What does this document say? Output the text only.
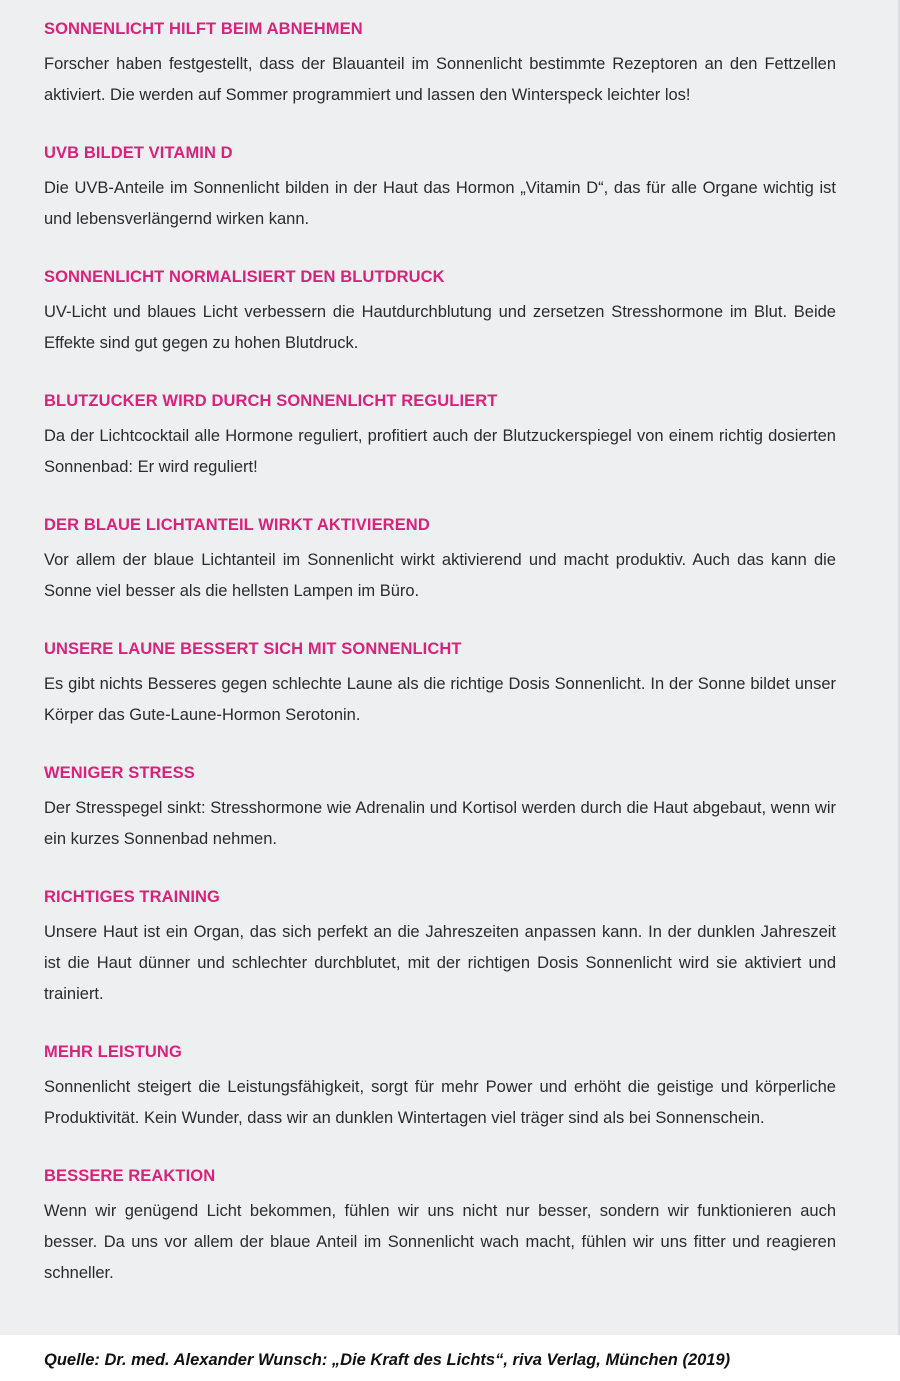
SONNENLICHT HILFT BEIM ABNEHMEN

Forscher haben festgestellt, dass der Blauanteil im Sonnenlicht bestimmte Rezeptoren an den Fettzellen aktiviert. Die werden auf Sommer programmiert und lassen den Winterspeck leichter los!

UVB BILDET VITAMIN D

Die UVB-Anteile im Sonnenlicht bilden in der Haut das Hormon „Vitamin D“, das für alle Organe wichtig ist und lebensverlängernd wirken kann.

SONNENLICHT NORMALISIERT DEN BLUTDRUCK

UV-Licht und blaues Licht verbessern die Hautdurchblutung und zersetzen Stresshormone im Blut. Beide Effekte sind gut gegen zu hohen Blutdruck.

BLUTZUCKER WIRD DURCH SONNENLICHT REGULIERT

Da der Lichtcocktail alle Hormone reguliert, profitiert auch der Blutzuckerspiegel von einem richtig dosierten Sonnenbad: Er wird reguliert!

DER BLAUE LICHTANTEIL WIRKT AKTIVIEREND

Vor allem der blaue Lichtanteil im Sonnenlicht wirkt aktivierend und macht produktiv. Auch das kann die Sonne viel besser als die hellsten Lampen im Büro.

UNSERE LAUNE BESSERT SICH MIT SONNENLICHT

Es gibt nichts Besseres gegen schlechte Laune als die richtige Dosis Sonnenlicht. In der Sonne bildet unser Körper das Gute-Laune-Hormon Serotonin.

WENIGER STRESS

Der Stresspegel sinkt: Stresshormone wie Adrenalin und Kortisol werden durch die Haut abgebaut, wenn wir ein kurzes Sonnenbad nehmen.

RICHTIGES TRAINING

Unsere Haut ist ein Organ, das sich perfekt an die Jahreszeiten anpassen kann. In der dunklen Jahreszeit ist die Haut dünner und schlechter durchblutet, mit der richtigen Dosis Sonnenlicht wird sie aktiviert und trainiert.

MEHR LEISTUNG

Sonnenlicht steigert die Leistungsfähigkeit, sorgt für mehr Power und erhöht die geistige und körperliche Produktivität. Kein Wunder, dass wir an dunklen Wintertagen viel träger sind als bei Sonnenschein.

BESSERE REAKTION

Wenn wir genügend Licht bekommen, fühlen wir uns nicht nur besser, sondern wir funktionieren auch besser. Da uns vor allem der blaue Anteil im Sonnenlicht wach macht, fühlen wir uns fitter und reagieren schneller.

Quelle: Dr. med. Alexander Wunsch: „Die Kraft des Lichts“, riva Verlag, München (2019)
